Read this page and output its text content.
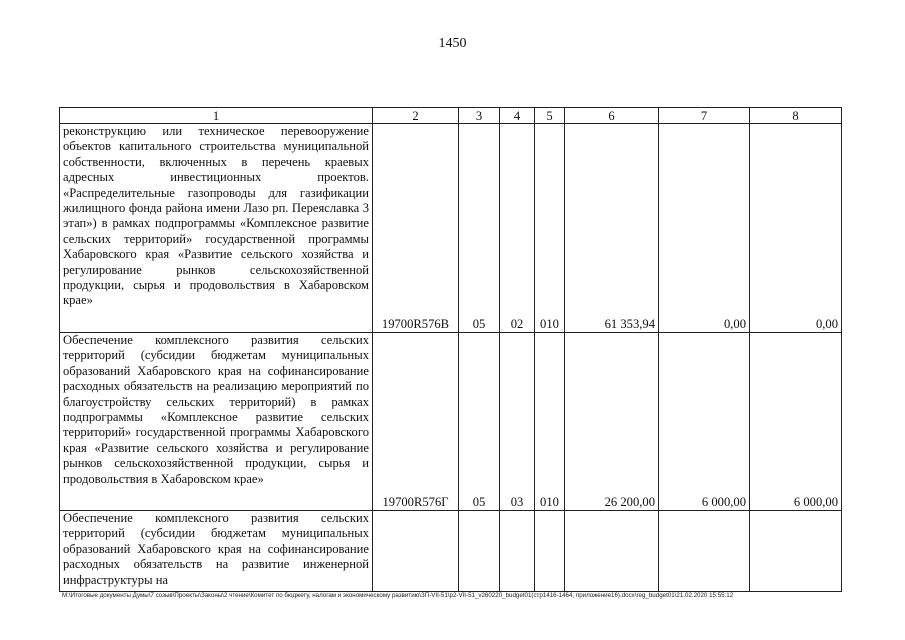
1450
1	2	3	4	5	6	7	8
реконструкцию или техническое перевооружение объектов капитального строительства муниципальной собственности, включенных в перечень краевых адресных инвестиционных проектов. «Распределительные газопроводы для газификации жилищного фонда района имени Лазо рп. Переяславка 3 этап») в рамках подпрограммы «Комплексное развитие сельских территорий» государственной программы Хабаровского края «Развитие сельского хозяйства и регулирование рынков сельскохозяйственной продукции, сырья и продовольствия в Хабаровском крае»	19700R576В	05	02	010	61 353,94	0,00	0,00
Обеспечение комплексного развития сельских территорий (субсидии бюджетам муниципальных образований Хабаровского края на софинансирование расходных обязательств на реализацию мероприятий по благоустройству сельских территорий) в рамках подпрограммы «Комплексное развитие сельских территорий» государственной программы Хабаровского края «Развитие сельского хозяйства и регулирование рынков сельскохозяйственной продукции, сырья и продовольствия в Хабаровском крае»	19700R576Г	05	03	010	26 200,00	6 000,00	6 000,00
Обеспечение комплексного развития сельских территорий (субсидии бюджетам муниципальных образований Хабаровского края на софинансирование расходных обязательств на развитие инженерной инфраструктуры на							
M:\Итоговые документы Думы\7 созыв\Проекты\Законы\2 чтение\Комитет по бюджету, налогам и экономическому развитию\ЗП-VII-51\р2-VII-51_v260220_budget01(стр1416-1464, приложение16).docx\reg_budget01\21.02.2020 15:55:12
